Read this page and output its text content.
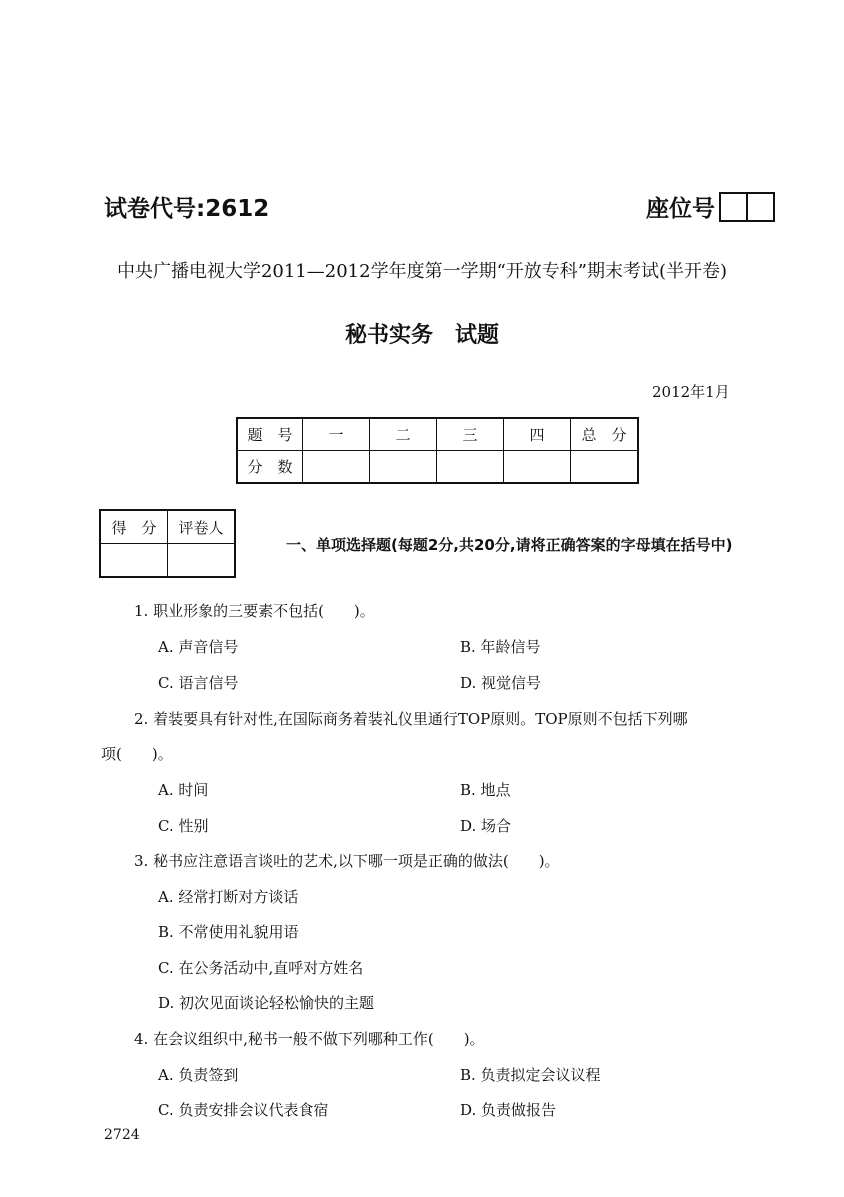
试卷代号:2612	座位号
中央广播电视大学2011—2012学年度第一学期“开放专科”期末考试(半开卷)
秘书实务　试题
2012年1月
题　号	一	二	三	四	总　分
分　数					
得　分	评卷人

一、单项选择题(每题2分,共20分,请将正确答案的字母填在括号中)
1. 职业形象的三要素不包括(　　)。
A. 声音信号	B. 年龄信号
C. 语言信号	D. 视觉信号
2. 着装要具有针对性,在国际商务着装礼仪里通行TOP原则。TOP原则不包括下列哪
项(　　)。
A. 时间	B. 地点
C. 性别	D. 场合
3. 秘书应注意语言谈吐的艺术,以下哪一项是正确的做法(　　)。
A. 经常打断对方谈话
B. 不常使用礼貌用语
C. 在公务活动中,直呼对方姓名
D. 初次见面谈论轻松愉快的主题
4. 在会议组织中,秘书一般不做下列哪种工作(　　)。
A. 负责签到	B. 负责拟定会议议程
C. 负责安排会议代表食宿	D. 负责做报告
2724
